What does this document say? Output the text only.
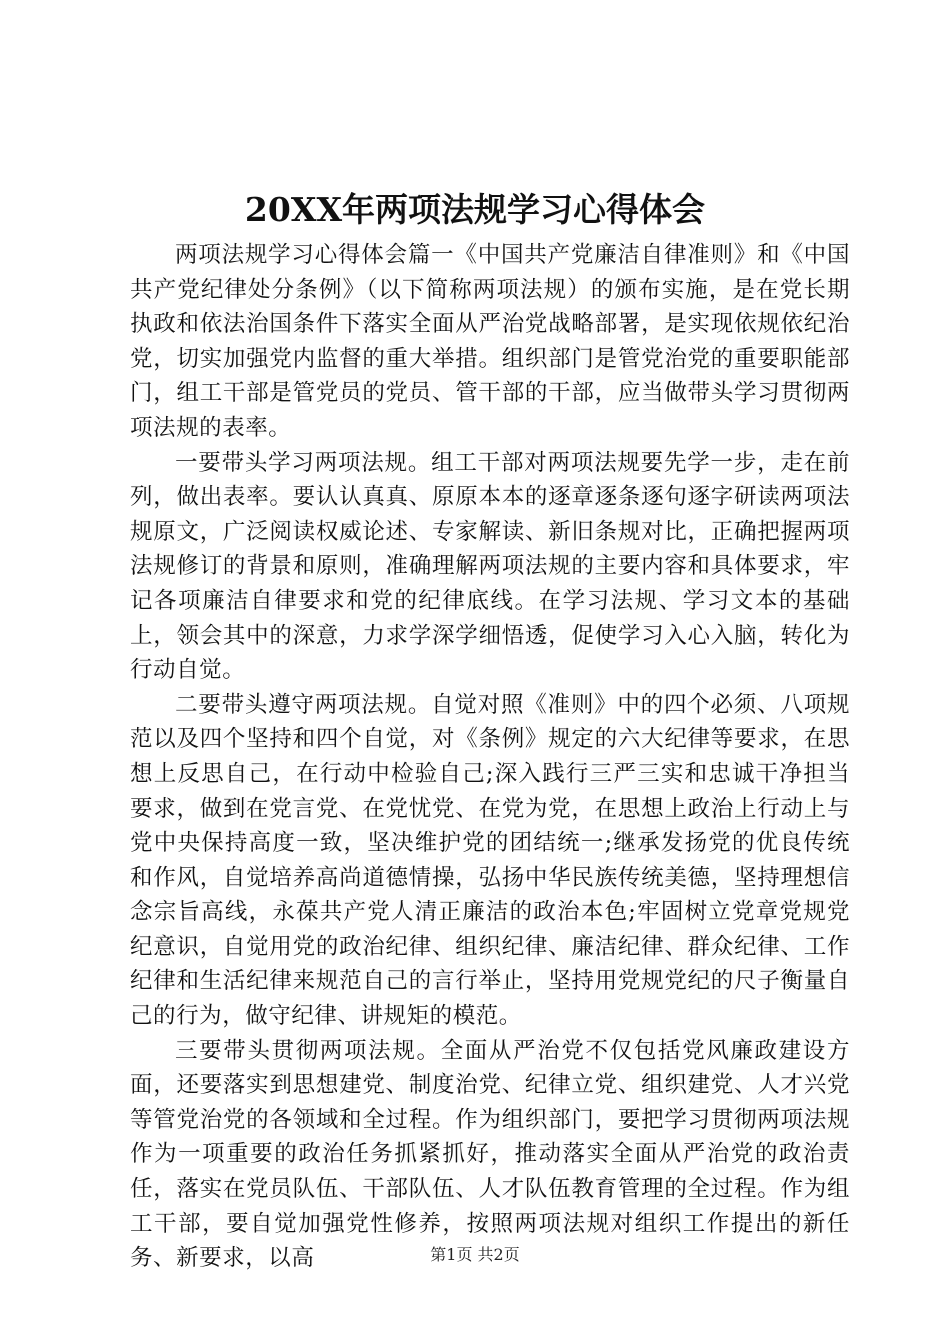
20XX年两项法规学习心得体会

两项法规学习心得体会篇一《中国共产党廉洁自律准则》和《中国共产党纪律处分条例》（以下简称两项法规）的颁布实施，是在党长期执政和依法治国条件下落实全面从严治党战略部署，是实现依规依纪治党，切实加强党内监督的重大举措。组织部门是管党治党的重要职能部门，组工干部是管党员的党员、管干部的干部，应当做带头学习贯彻两项法规的表率。

一要带头学习两项法规。组工干部对两项法规要先学一步，走在前列，做出表率。要认认真真、原原本本的逐章逐条逐句逐字研读两项法规原文，广泛阅读权威论述、专家解读、新旧条规对比，正确把握两项法规修订的背景和原则，准确理解两项法规的主要内容和具体要求，牢记各项廉洁自律要求和党的纪律底线。在学习法规、学习文本的基础上，领会其中的深意，力求学深学细悟透，促使学习入心入脑，转化为行动自觉。

二要带头遵守两项法规。自觉对照《准则》中的四个必须、八项规范以及四个坚持和四个自觉，对《条例》规定的六大纪律等要求，在思想上反思自己，在行动中检验自己;深入践行三严三实和忠诚干净担当要求，做到在党言党、在党忧党、在党为党，在思想上政治上行动上与党中央保持高度一致，坚决维护党的团结统一;继承发扬党的优良传统和作风，自觉培养高尚道德情操，弘扬中华民族传统美德，坚持理想信念宗旨高线，永葆共产党人清正廉洁的政治本色;牢固树立党章党规党纪意识，自觉用党的政治纪律、组织纪律、廉洁纪律、群众纪律、工作纪律和生活纪律来规范自己的言行举止，坚持用党规党纪的尺子衡量自己的行为，做守纪律、讲规矩的模范。

三要带头贯彻两项法规。全面从严治党不仅包括党风廉政建设方面，还要落实到思想建党、制度治党、纪律立党、组织建党、人才兴党等管党治党的各领域和全过程。作为组织部门，要把学习贯彻两项法规作为一项重要的政治任务抓紧抓好，推动落实全面从严治党的政治责任，落实在党员队伍、干部队伍、人才队伍教育管理的全过程。作为组工干部，要自觉加强党性修养，按照两项法规对组织工作提出的新任务、新要求，以高	第1页 共2页
